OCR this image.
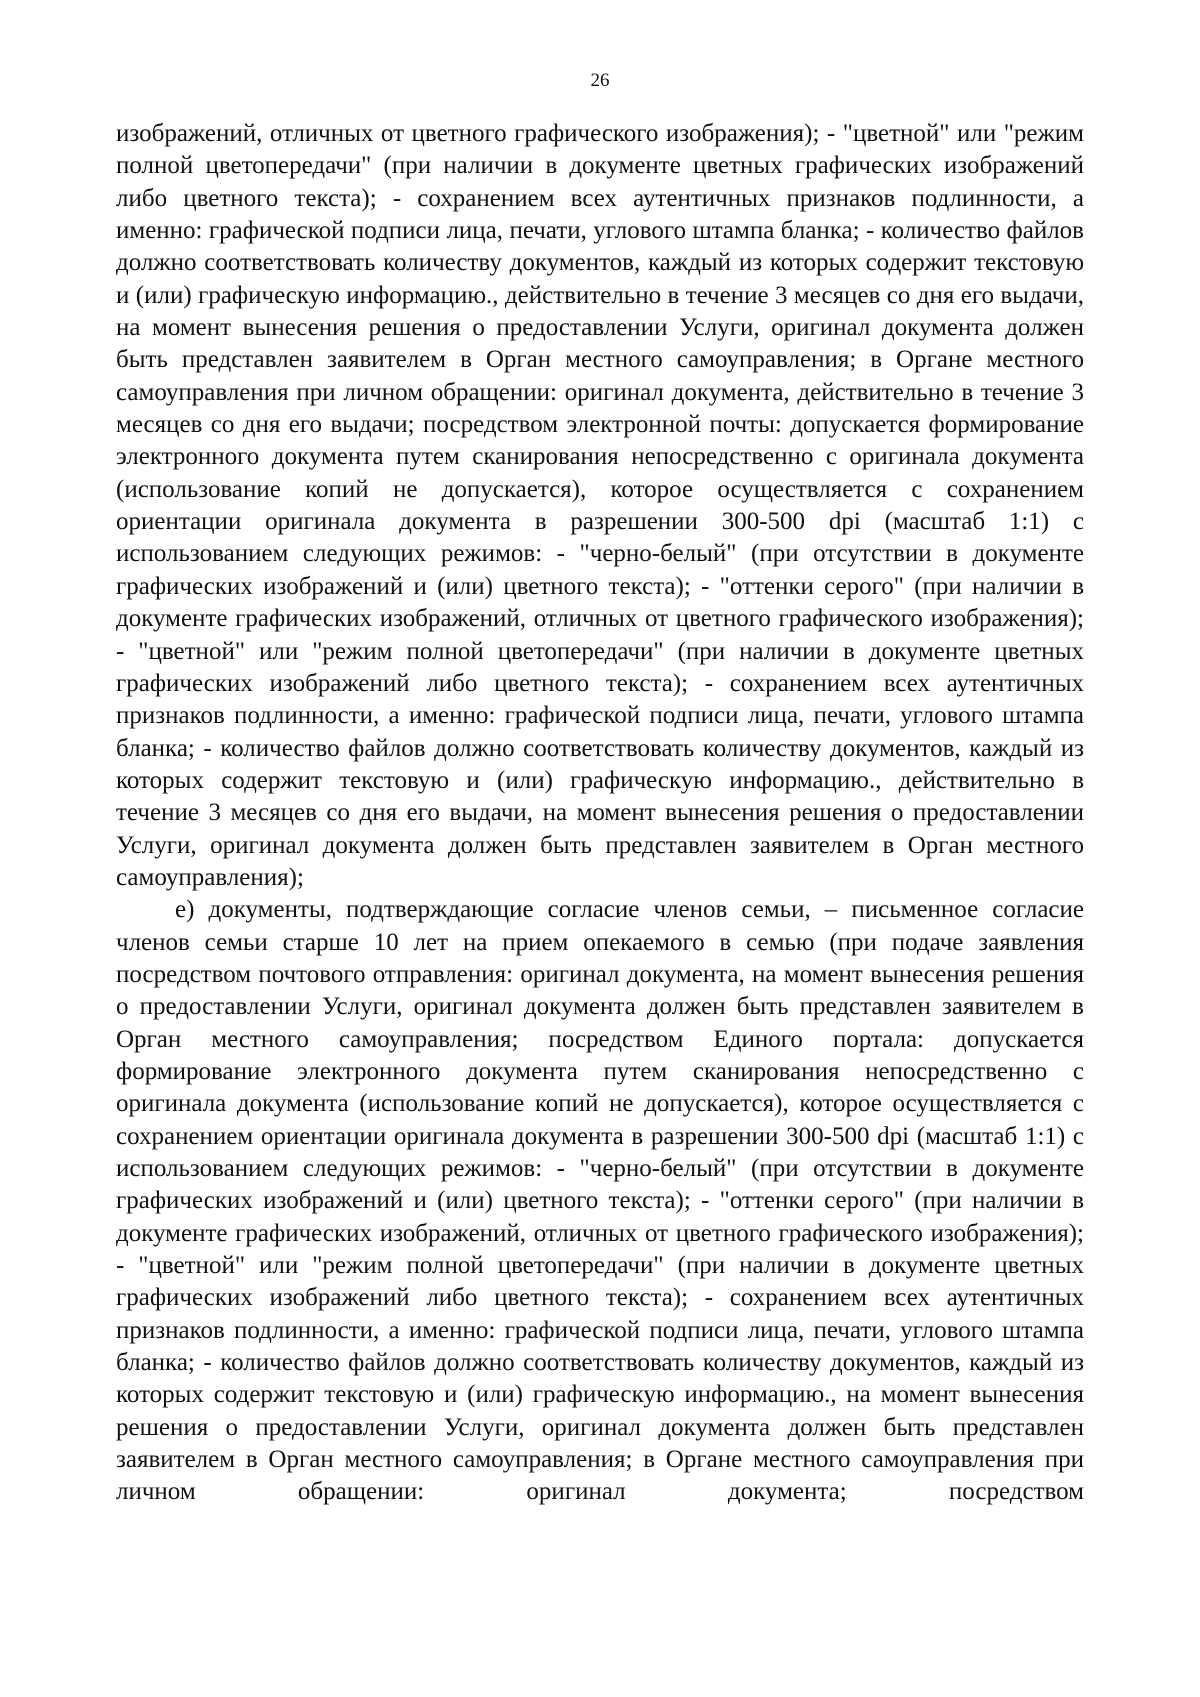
26

изображений, отличных от цветного графического изображения); - "цветной" или "режим полной цветопередачи" (при наличии в документе цветных графических изображений либо цветного текста); - сохранением всех аутентичных признаков подлинности, а именно: графической подписи лица, печати, углового штампа бланка; - количество файлов должно соответствовать количеству документов, каждый из которых содержит текстовую и (или) графическую информацию., действительно в течение 3 месяцев со дня его выдачи, на момент вынесения решения о предоставлении Услуги, оригинал документа должен быть представлен заявителем в Орган местного самоуправления; в Органе местного самоуправления при личном обращении: оригинал документа, действительно в течение 3 месяцев со дня его выдачи; посредством электронной почты: допускается формирование электронного документа путем сканирования непосредственно с оригинала документа (использование копий не допускается), которое осуществляется с сохранением ориентации оригинала документа в разрешении 300-500 dpi (масштаб 1:1) с использованием следующих режимов: - "черно-белый" (при отсутствии в документе графических изображений и (или) цветного текста); - "оттенки серого" (при наличии в документе графических изображений, отличных от цветного графического изображения); - "цветной" или "режим полной цветопередачи" (при наличии в документе цветных графических изображений либо цветного текста); - сохранением всех аутентичных признаков подлинности, а именно: графической подписи лица, печати, углового штампа бланка; - количество файлов должно соответствовать количеству документов, каждый из которых содержит текстовую и (или) графическую информацию., действительно в течение 3 месяцев со дня его выдачи, на момент вынесения решения о предоставлении Услуги, оригинал документа должен быть представлен заявителем в Орган местного самоуправления);

е) документы, подтверждающие согласие членов семьи, – письменное согласие членов семьи старше 10 лет на прием опекаемого в семью (при подаче заявления посредством почтового отправления: оригинал документа, на момент вынесения решения о предоставлении Услуги, оригинал документа должен быть представлен заявителем в Орган местного самоуправления; посредством Единого портала: допускается формирование электронного документа путем сканирования непосредственно с оригинала документа (использование копий не допускается), которое осуществляется с сохранением ориентации оригинала документа в разрешении 300-500 dpi (масштаб 1:1) с использованием следующих режимов: - "черно-белый" (при отсутствии в документе графических изображений и (или) цветного текста); - "оттенки серого" (при наличии в документе графических изображений, отличных от цветного графического изображения); - "цветной" или "режим полной цветопередачи" (при наличии в документе цветных графических изображений либо цветного текста); - сохранением всех аутентичных признаков подлинности, а именно: графической подписи лица, печати, углового штампа бланка; - количество файлов должно соответствовать количеству документов, каждый из которых содержит текстовую и (или) графическую информацию., на момент вынесения решения о предоставлении Услуги, оригинал документа должен быть представлен заявителем в Орган местного самоуправления; в Органе местного самоуправления при личном обращении: оригинал документа; посредством
